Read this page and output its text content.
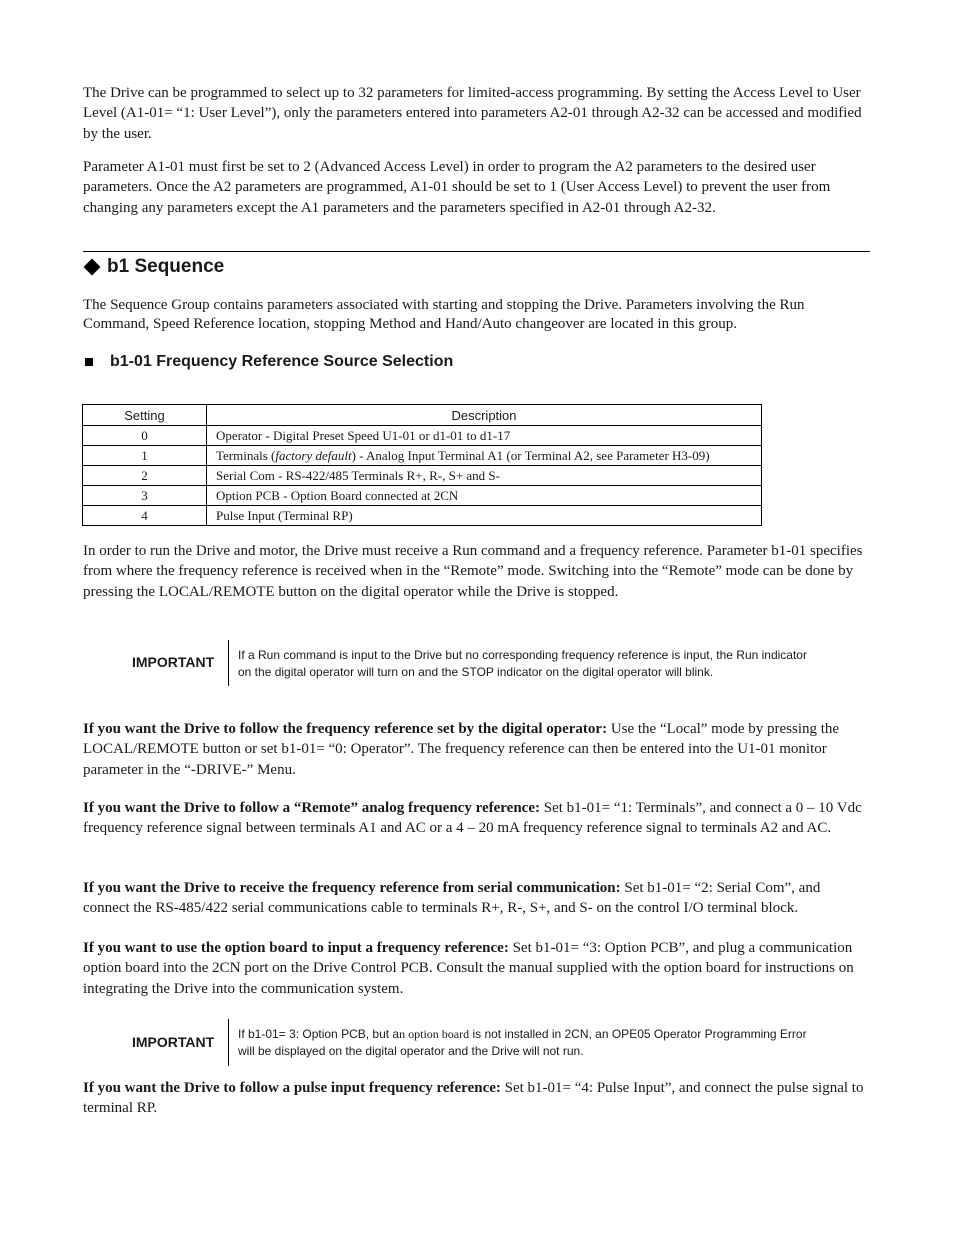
The Drive can be programmed to select up to 32 parameters for limited-access programming. By setting the Access Level to User Level (A1-01= “1: User Level”), only the parameters entered into parameters A2-01 through A2-32 can be accessed and modified by the user.

Parameter A1-01 must first be set to 2 (Advanced Access Level) in order to program the A2 parameters to the desired user parameters. Once the A2 parameters are programmed, A1-01 should be set to 1 (User Access Level) to prevent the user from changing any parameters except the A1 parameters and the parameters specified in A2-01 through A2-32.

b1 Sequence

The Sequence Group contains parameters associated with starting and stopping the Drive. Parameters involving the Run Command, Speed Reference location, stopping Method and Hand/Auto changeover are located in this group.

b1-01 Frequency Reference Source Selection
Setting	Description
0	Operator - Digital Preset Speed U1-01 or d1-01 to d1-17
1	Terminals (factory default) - Analog Input Terminal A1 (or Terminal A2, see Parameter H3-09)
2	Serial Com - RS-422/485 Terminals R+, R-, S+ and S-
3	Option PCB - Option Board connected at 2CN
4	Pulse Input (Terminal RP)

In order to run the Drive and motor, the Drive must receive a Run command and a frequency reference. Parameter b1-01 specifies from where the frequency reference is received when in the “Remote” mode. Switching into the “Remote” mode can be done by pressing the LOCAL/REMOTE button on the digital operator while the Drive is stopped.

IMPORTANT If a Run command is input to the Drive but no corresponding frequency reference is input, the Run indicator
on the digital operator will turn on and the STOP indicator on the digital operator will blink.

If you want the Drive to follow the frequency reference set by the digital operator: Use the “Local” mode by pressing the LOCAL/REMOTE button or set b1-01= “0: Operator”. The frequency reference can then be entered into the U1-01 monitor parameter in the “-DRIVE-” Menu.

If you want the Drive to follow a “Remote” analog frequency reference: Set b1-01= “1: Terminals”, and connect a 0 – 10 Vdc frequency reference signal between terminals A1 and AC or a 4 – 20 mA frequency reference signal to terminals A2 and AC.

If you want the Drive to receive the frequency reference from serial communication: Set b1-01= “2: Serial Com”, and connect the RS-485/422 serial communications cable to terminals R+, R-, S+, and S- on the control I/O terminal block.

If you want to use the option board to input a frequency reference: Set b1-01= “3: Option PCB”, and plug a communication option board into the 2CN port on the Drive Control PCB. Consult the manual supplied with the option board for instructions on integrating the Drive into the communication system.

IMPORTANT If b1-01= 3: Option PCB, but an option board is not installed in 2CN, an OPE05 Operator Programming Error
will be displayed on the digital operator and the Drive will not run.

If you want the Drive to follow a pulse input frequency reference: Set b1-01= “4: Pulse Input”, and connect the pulse signal to terminal RP.
